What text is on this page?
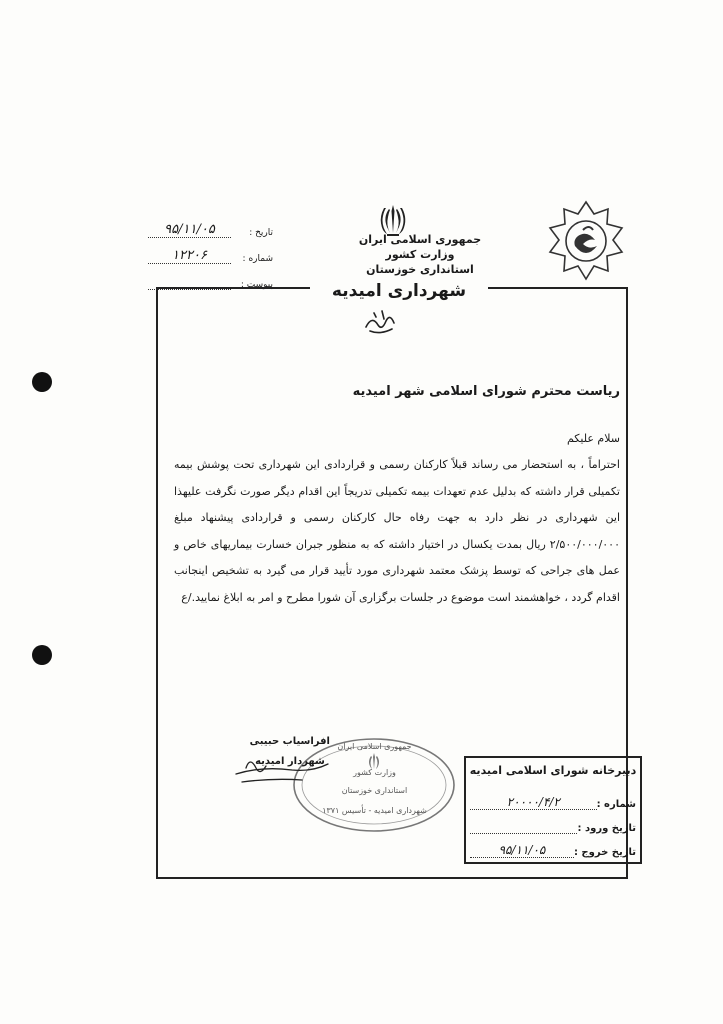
جمهوری اسلامی ایران
وزارت کشور
استانداری خوزستان
تاریخ :
۹۵/۱۱/۰۵
شماره :
۱۲۲۰۶
پیوست :	شهرداری امیدیه
ریاست محترم شورای اسلامی شهر امیدیه
سلام علیکم
احتراماً ، به استحضار می رساند قبلاً کارکنان رسمی و قراردادی این شهرداری تحت پوشش بیمه تکمیلی قرار داشته که بدلیل عدم تعهدات بیمه تکمیلی تدریجاً این اقدام دیگر صورت نگرفت علیهذا این شهرداری در نظر دارد به جهت رفاه حال کارکنان رسمی و قراردادی پیشنهاد مبلغ ۲/۵۰۰/۰۰۰/۰۰۰ ریال بمدت یکسال در اختیار داشته که به منظور جبران خسارت بیماریهای خاص و عمل های جراحی که توسط پزشک معتمد شهرداری مورد تأیید قرار می گیرد به تشخیص اینجانب اقدام گردد ، خواهشمند است موضوع در جلسات برگزاری آن شورا مطرح و امر به ابلاغ نمایید./ع
جمهوری اسلامی ایران
وزارت کشور
استانداری خوزستان
شهرداری امیدیه - تأسیس ۱۳۷۱
افراسیاب حبیبی
شهردار امیدیه
دبیرخانه شورای اسلامی امیدیه
شماره :
۲۰۰۰۰/۴/۲
تاریخ ورود :
تاریخ خروج :
۹۵/۱۱/۰۵
